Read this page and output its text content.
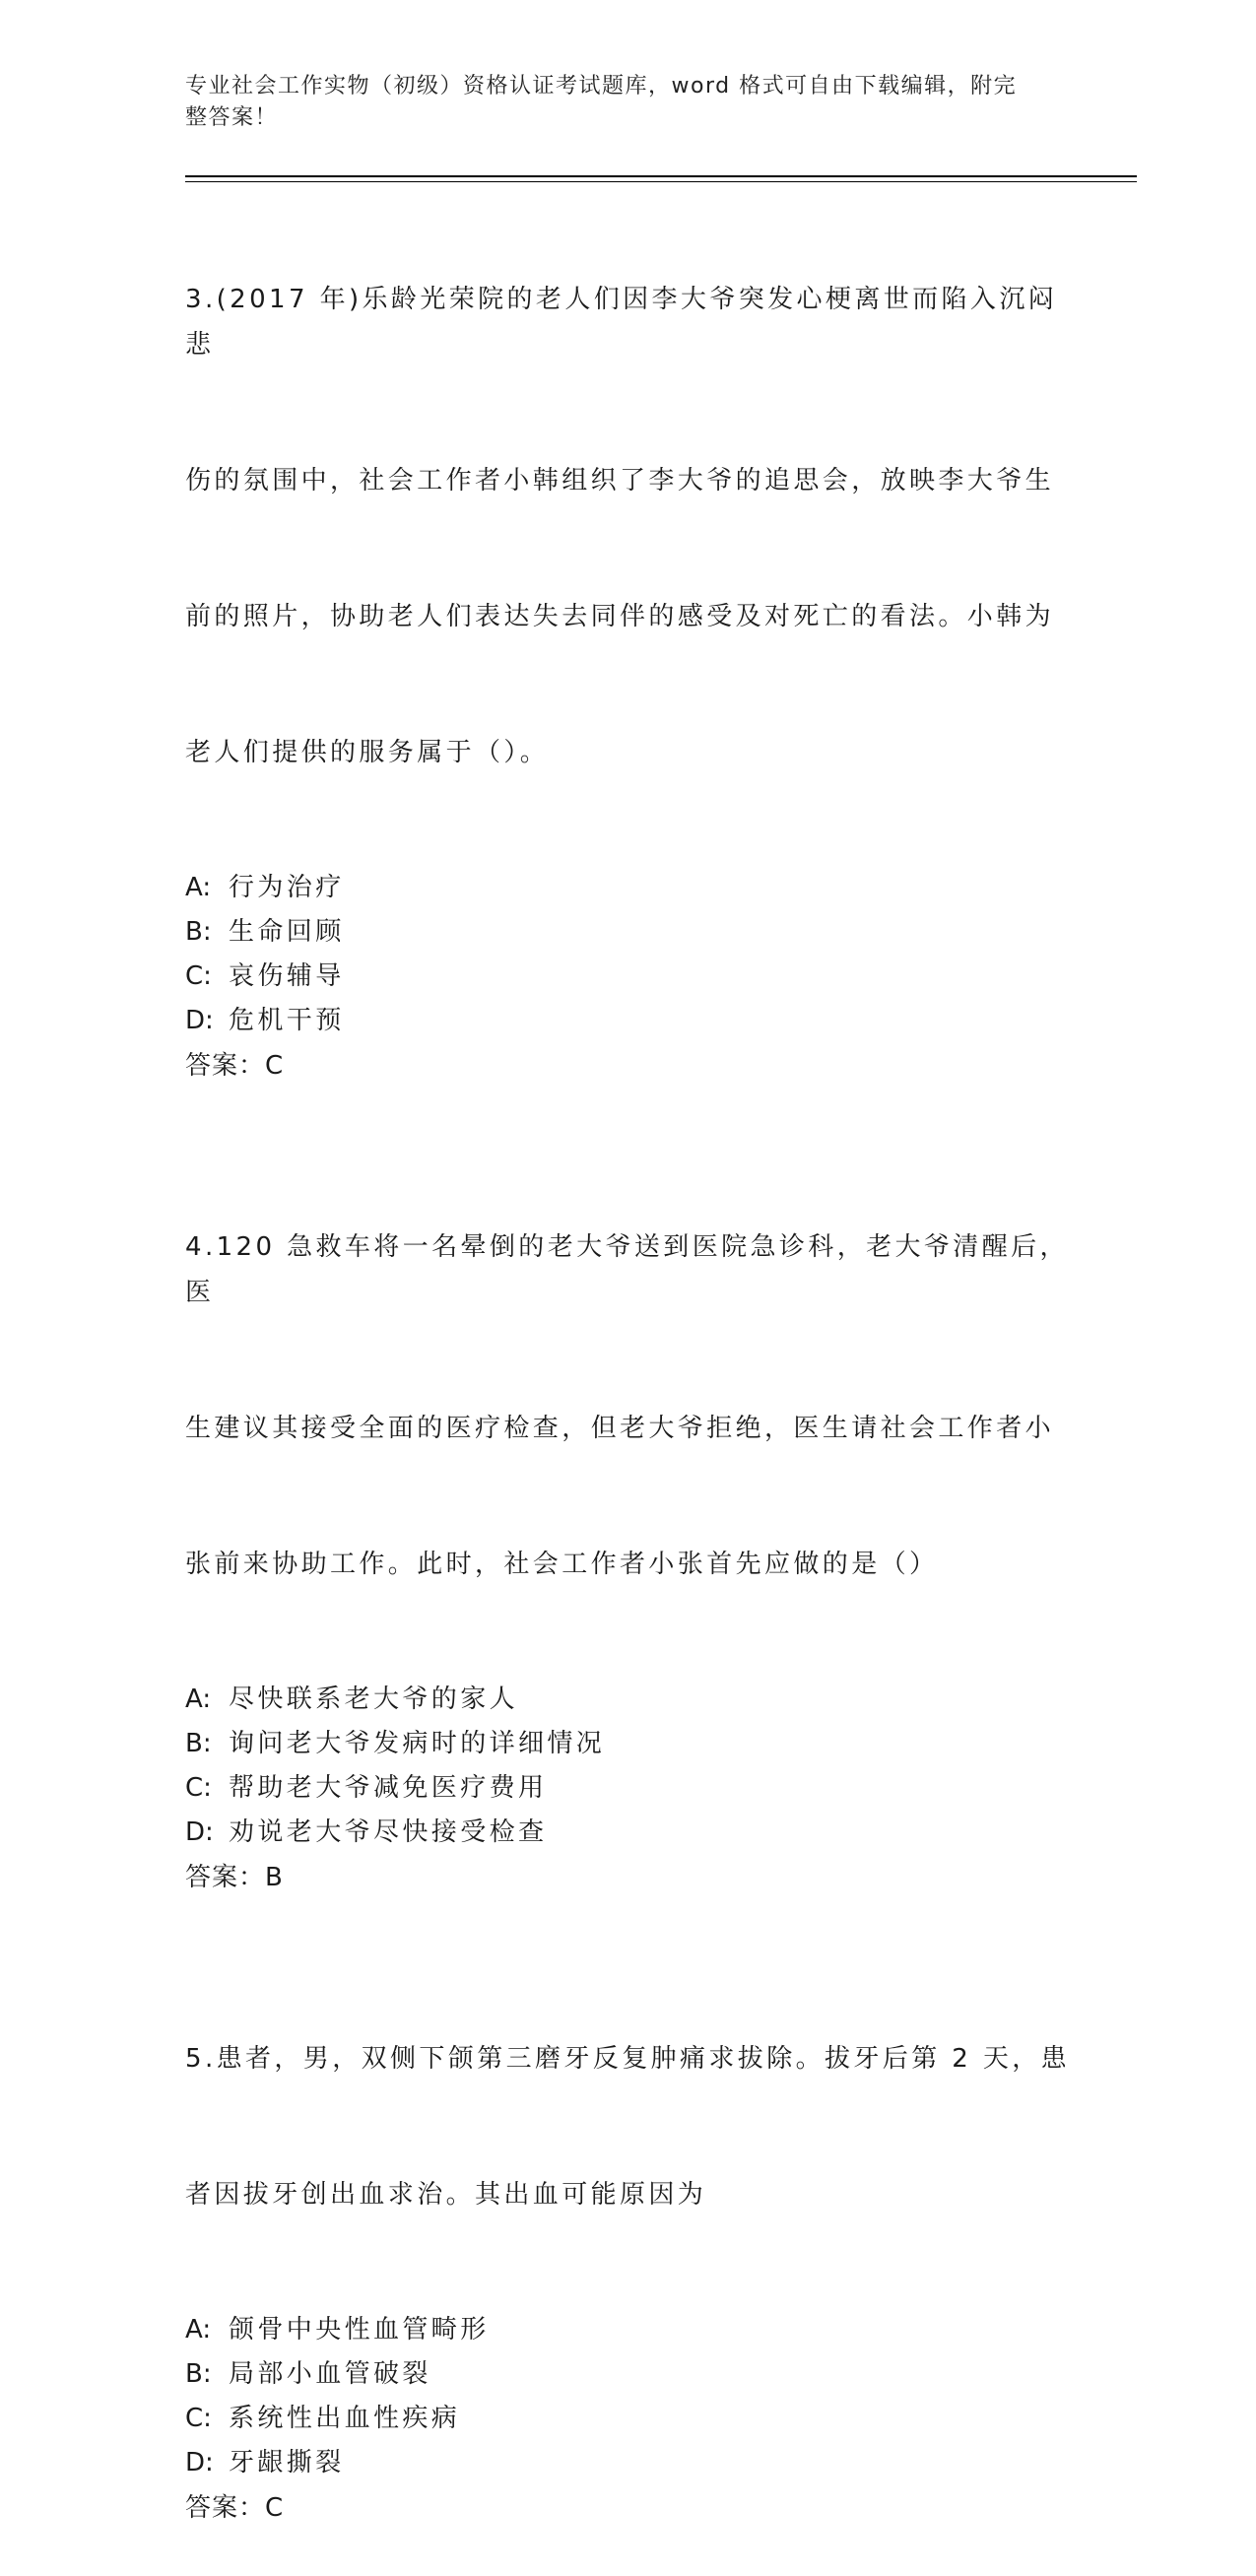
专业社会工作实物（初级）资格认证考试题库，word 格式可自由下载编辑，附完
整答案！

3.(2017 年)乐龄光荣院的老人们因李大爷突发心梗离世而陷入沉闷悲

伤的氛围中，社会工作者小韩组织了李大爷的追思会，放映李大爷生

前的照片，协助老人们表达失去同伴的感受及对死亡的看法。小韩为

老人们提供的服务属于（）。

A: 行为治疗
B: 生命回顾
C: 哀伤辅导
D: 危机干预
答案：C

4.120 急救车将一名晕倒的老大爷送到医院急诊科，老大爷清醒后，医

生建议其接受全面的医疗检查，但老大爷拒绝，医生请社会工作者小

张前来协助工作。此时，社会工作者小张首先应做的是（）

A: 尽快联系老大爷的家人
B: 询问老大爷发病时的详细情况
C: 帮助老大爷减免医疗费用
D: 劝说老大爷尽快接受检查
答案：B

5.患者，男，双侧下颌第三磨牙反复肿痛求拔除。拔牙后第 2 天，患

者因拔牙创出血求治。其出血可能原因为

A: 颌骨中央性血管畸形
B: 局部小血管破裂
C: 系统性出血性疾病
D: 牙龈撕裂
答案：C
